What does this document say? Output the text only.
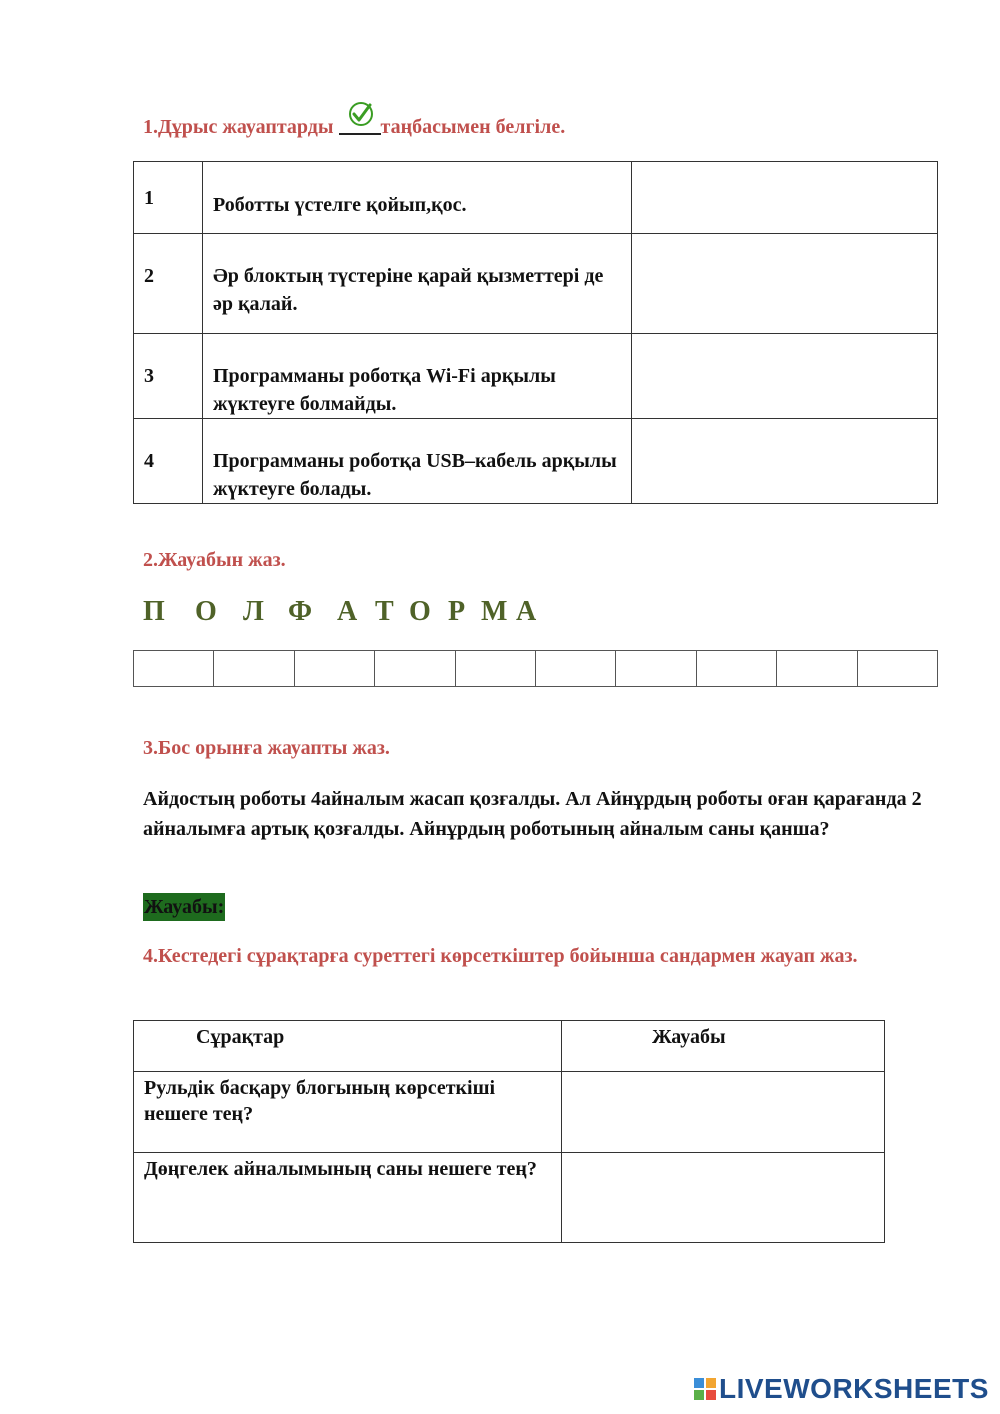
1.Дұрыс жауаптарды
таңбасымен белгіле.
1	Роботты үстелге қойып,қос.	
2	Әр блоктың түстеріне қарай қызметтері де әр қалай.	
3	Программаны роботқа Wi-Fi арқылы жүктеуге болмайды.	
4	Программаны роботқа USB–кабель арқылы жүктеуге болады.	
2.Жауабын жаз.
П О Л Ф А Т О Р М А

3.Бос орынға жауапты жаз.
Айдостың роботы 4айналым жасап қозғалды. Ал Айнұрдың роботы оған қарағанда 2 айналымға артық қозғалды. Айнұрдың роботының айналым саны қанша?
Жауабы:
4.Кестедегі сұрақтарға суреттегі көрсеткіштер бойынша сандармен жауап жаз.
Сұрақтар	Жауабы
Рульдік басқару блогының көрсеткіші нешеге тең?	
Дөңгелек айналымының саны нешеге тең?	
LIVEWORKSHEETS
